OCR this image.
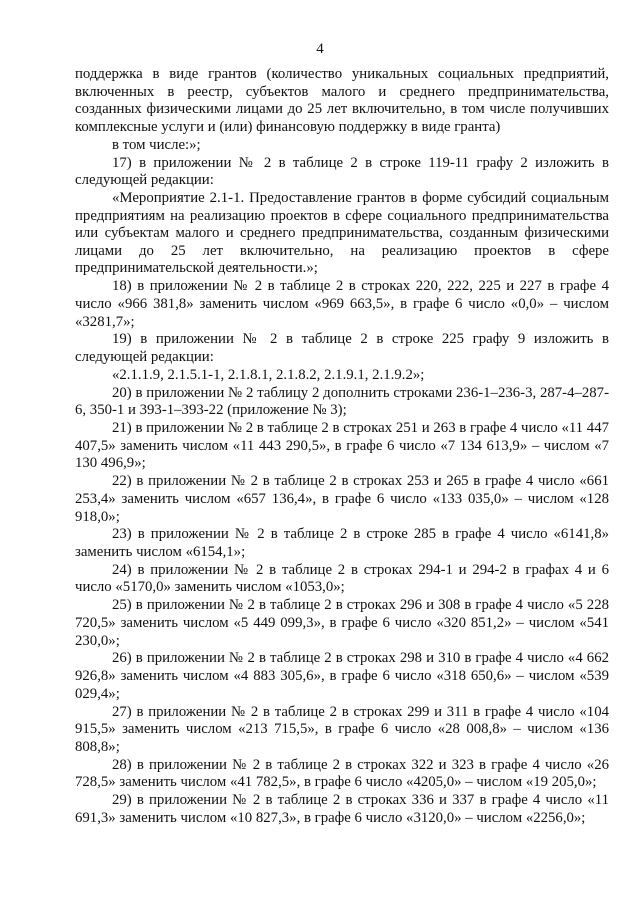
4

поддержка в виде грантов (количество уникальных социальных предприятий, включенных в реестр, субъектов малого и среднего предпринимательства, созданных физическими лицами до 25 лет включительно, в том числе получивших комплексные услуги и (или) финансовую поддержку в виде гранта)

в том числе:»;

17) в приложении № 2 в таблице 2 в строке 119-11 графу 2 изложить в следующей редакции:

«Мероприятие 2.1-1. Предоставление грантов в форме субсидий социальным предприятиям на реализацию проектов в сфере социального предпринимательства или субъектам малого и среднего предпринимательства, созданным физическими лицами до 25 лет включительно, на реализацию проектов в сфере предпринимательской деятельности.»;

18) в приложении № 2 в таблице 2 в строках 220, 222, 225 и 227 в графе 4 число «966 381,8» заменить числом «969 663,5», в графе 6 число «0,0» – числом «3281,7»;

19) в приложении № 2 в таблице 2 в строке 225 графу 9 изложить в следующей редакции:

«2.1.1.9, 2.1.5.1-1, 2.1.8.1, 2.1.8.2, 2.1.9.1, 2.1.9.2»;

20) в приложении № 2 таблицу 2 дополнить строками 236-1–236-3, 287-4–287-6, 350-1 и 393-1–393-22 (приложение № 3);

21) в приложении № 2 в таблице 2 в строках 251 и 263 в графе 4 число «11 447 407,5» заменить числом «11 443 290,5», в графе 6 число «7 134 613,9» – числом «7 130 496,9»;

22) в приложении № 2 в таблице 2 в строках 253 и 265 в графе 4 число «661 253,4» заменить числом «657 136,4», в графе 6 число «133 035,0» – числом «128 918,0»;

23) в приложении № 2 в таблице 2 в строке 285 в графе 4 число «6141,8» заменить числом «6154,1»;

24) в приложении № 2 в таблице 2 в строках 294-1 и 294-2 в графах 4 и 6 число «5170,0» заменить числом «1053,0»;

25) в приложении № 2 в таблице 2 в строках 296 и 308 в графе 4 число «5 228 720,5» заменить числом «5 449 099,3», в графе 6 число «320 851,2» – числом «541 230,0»;

26) в приложении № 2 в таблице 2 в строках 298 и 310 в графе 4 число «4 662 926,8» заменить числом «4 883 305,6», в графе 6 число «318 650,6» – числом «539 029,4»;

27) в приложении № 2 в таблице 2 в строках 299 и 311 в графе 4 число «104 915,5» заменить числом «213 715,5», в графе 6 число «28 008,8» – числом «136 808,8»;

28) в приложении № 2 в таблице 2 в строках 322 и 323 в графе 4 число «26 728,5» заменить числом «41 782,5», в графе 6 число «4205,0» – числом «19 205,0»;

29) в приложении № 2 в таблице 2 в строках 336 и 337 в графе 4 число «11 691,3» заменить числом «10 827,3», в графе 6 число «3120,0» – числом «2256,0»;
